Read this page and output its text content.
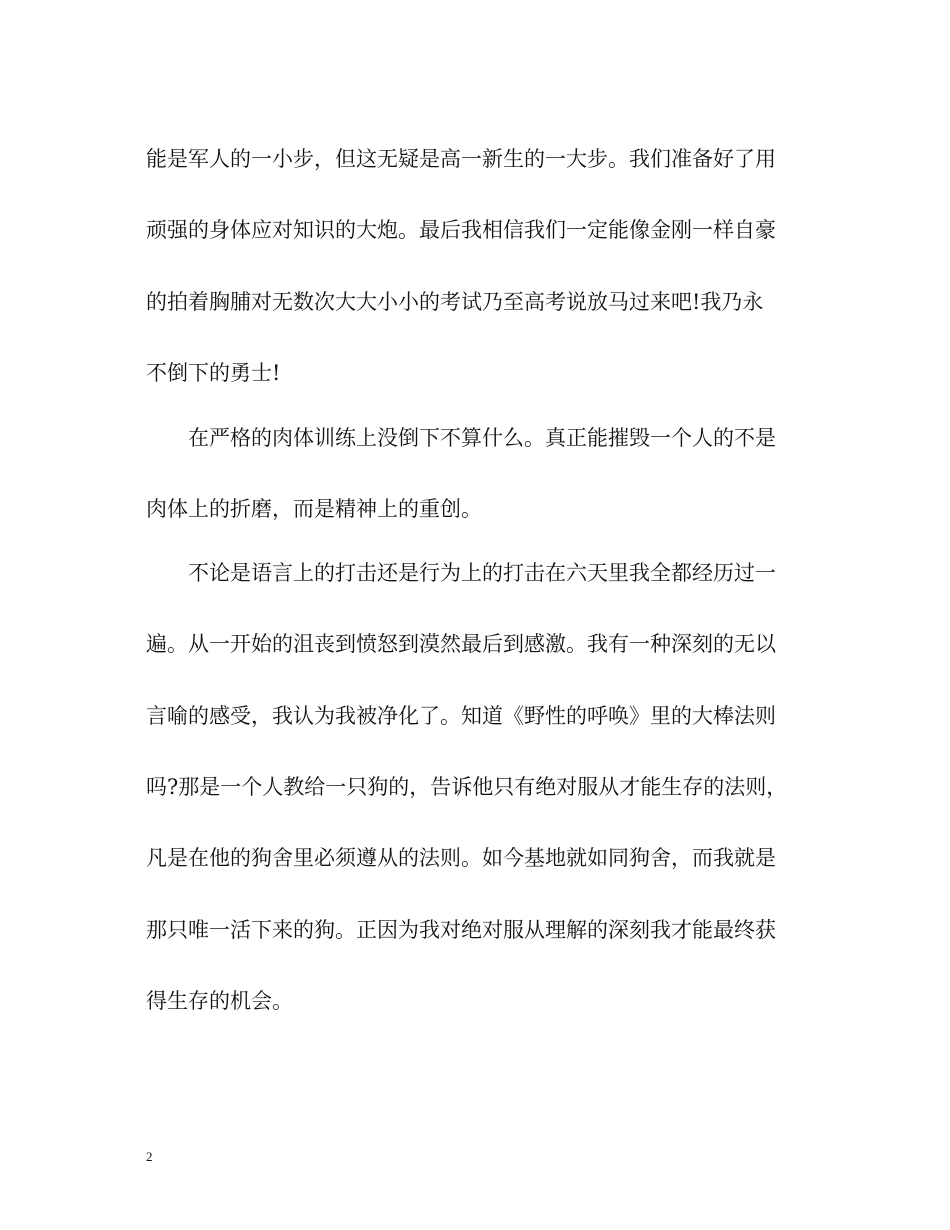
能是军人的一小步，但这无疑是高一新生的一大步。我们准备好了用
顽强的身体应对知识的大炮。最后我相信我们一定能像金刚一样自豪
的拍着胸脯对无数次大大小小的考试乃至高考说放马过来吧!我乃永
不倒下的勇士!
在严格的肉体训练上没倒下不算什么。真正能摧毁一个人的不是
肉体上的折磨，而是精神上的重创。
不论是语言上的打击还是行为上的打击在六天里我全都经历过一
遍。从一开始的沮丧到愤怒到漠然最后到感激。我有一种深刻的无以
言喻的感受，我认为我被净化了。知道《野性的呼唤》里的大棒法则
吗?那是一个人教给一只狗的，告诉他只有绝对服从才能生存的法则，
凡是在他的狗舍里必须遵从的法则。如今基地就如同狗舍，而我就是
那只唯一活下来的狗。正因为我对绝对服从理解的深刻我才能最终获
得生存的机会。
2
